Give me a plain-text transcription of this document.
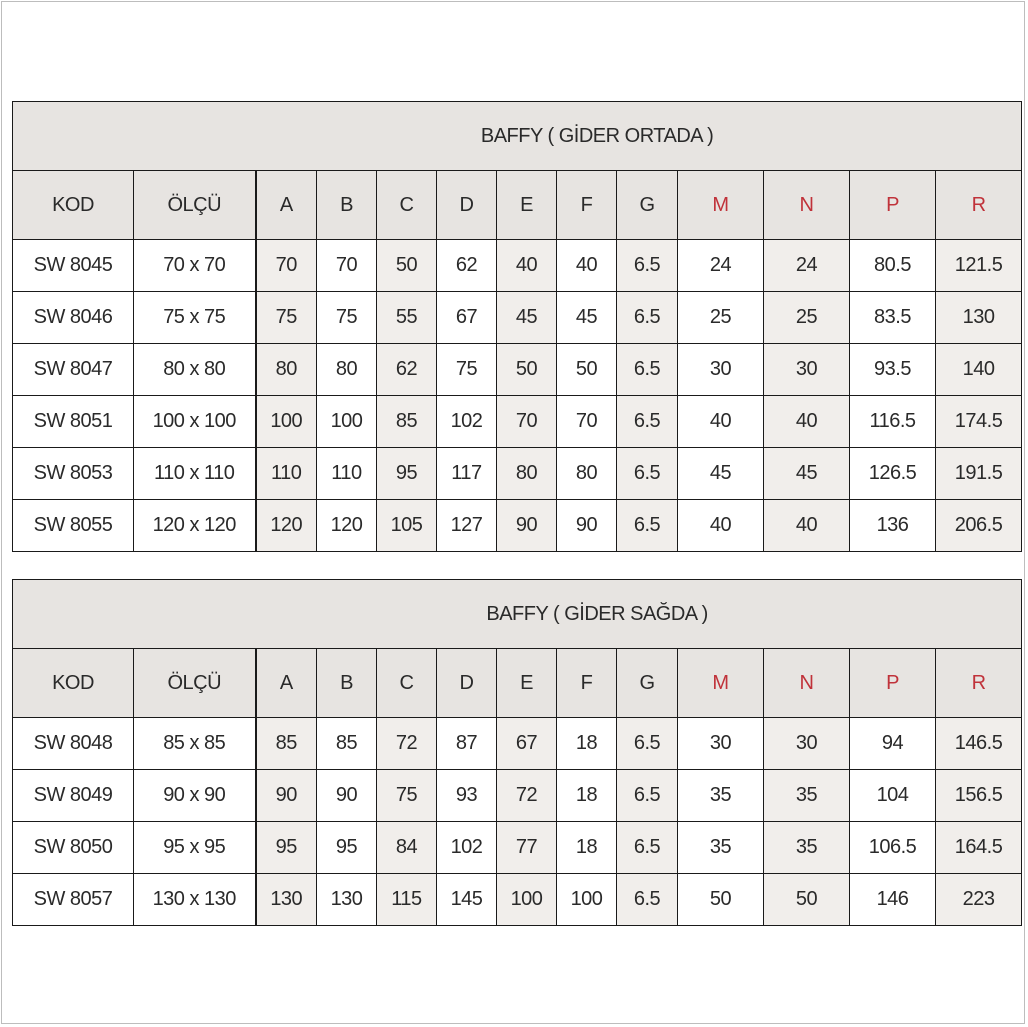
BAFFY ( GİDER ORTADA )												
KOD	ÖLÇÜ	A	B	C	D	E	F	G	M	N	P	R
SW 8045	70 x 70	70	70	50	62	40	40	6.5	24	24	80.5	121.5
SW 8046	75 x 75	75	75	55	67	45	45	6.5	25	25	83.5	130
SW 8047	80 x 80	80	80	62	75	50	50	6.5	30	30	93.5	140
SW 8051	100 x 100	100	100	85	102	70	70	6.5	40	40	116.5	174.5
SW 8053	110 x 110	110	110	95	117	80	80	6.5	45	45	126.5	191.5
SW 8055	120 x 120	120	120	105	127	90	90	6.5	40	40	136	206.5
BAFFY ( GİDER SAĞDA )												
KOD	ÖLÇÜ	A	B	C	D	E	F	G	M	N	P	R
SW 8048	85 x 85	85	85	72	87	67	18	6.5	30	30	94	146.5
SW 8049	90 x 90	90	90	75	93	72	18	6.5	35	35	104	156.5
SW 8050	95 x 95	95	95	84	102	77	18	6.5	35	35	106.5	164.5
SW 8057	130 x 130	130	130	115	145	100	100	6.5	50	50	146	223
